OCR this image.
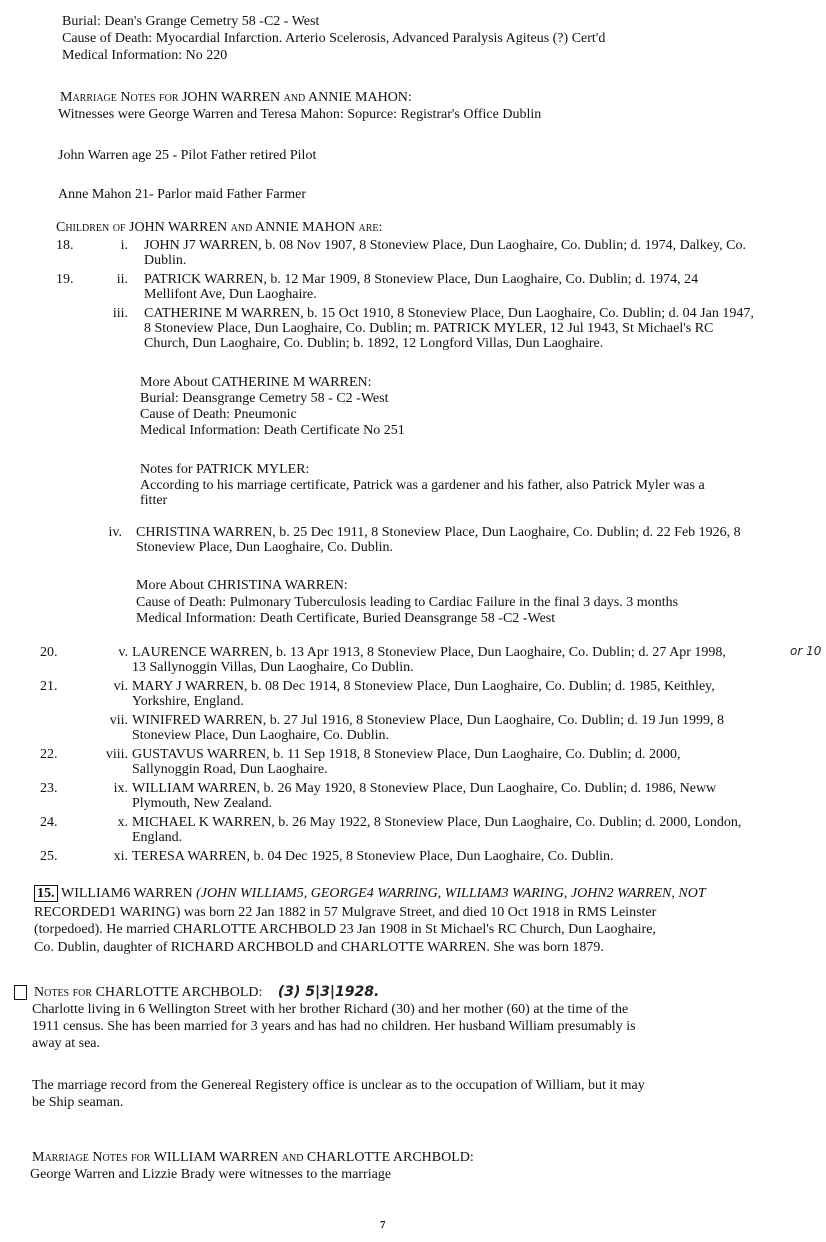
Burial: Dean's Grange Cemetry 58 -C2 - West
Cause of Death: Myocardial Infarction. Arterio Scelerosis, Advanced Paralysis Agiteus (?) Cert'd
Medical Information: No 220
Marriage Notes for JOHN WARREN and ANNIE MAHON:
Witnesses were George Warren and Teresa Mahon: Sopurce: Registrar's Office Dublin
John Warren age 25 - Pilot Father retired Pilot
Anne Mahon 21- Parlor maid Father Farmer
Children of JOHN WARREN and ANNIE MAHON are:
18.	i. JOHN J7 WARREN, b. 08 Nov 1907, 8 Stoneview Place, Dun Laoghaire, Co. Dublin; d. 1974, Dalkey, Co. Dublin.
19.	ii. PATRICK WARREN, b. 12 Mar 1909, 8 Stoneview Place, Dun Laoghaire, Co. Dublin; d. 1974, 24 Mellifont Ave, Dun Laoghaire.
iii. CATHERINE M WARREN, b. 15 Oct 1910, 8 Stoneview Place, Dun Laoghaire, Co. Dublin; d. 04 Jan 1947, 8 Stoneview Place, Dun Laoghaire, Co. Dublin; m. PATRICK MYLER, 12 Jul 1943, St Michael's RC Church, Dun Laoghaire, Co. Dublin; b. 1892, 12 Longford Villas, Dun Laoghaire.
iv. CHRISTINA WARREN, b. 25 Dec 1911, 8 Stoneview Place, Dun Laoghaire, Co. Dublin; d. 22 Feb 1926, 8 Stoneview Place, Dun Laoghaire, Co. Dublin.
20.	v. LAURENCE WARREN, b. 13 Apr 1913, 8 Stoneview Place, Dun Laoghaire, Co. Dublin; d. 27 Apr 1998, 13 Sallynoggin Villas, Dun Laoghaire, Co Dublin.
21.	vi. MARY J WARREN, b. 08 Dec 1914, 8 Stoneview Place, Dun Laoghaire, Co. Dublin; d. 1985, Keithley, Yorkshire, England.
vii. WINIFRED WARREN, b. 27 Jul 1916, 8 Stoneview Place, Dun Laoghaire, Co. Dublin; d. 19 Jun 1999, 8 Stoneview Place, Dun Laoghaire, Co. Dublin.
22.	viii. GUSTAVUS WARREN, b. 11 Sep 1918, 8 Stoneview Place, Dun Laoghaire, Co. Dublin; d. 2000, Sallynoggin Road, Dun Laoghaire.
23.	ix. WILLIAM WARREN, b. 26 May 1920, 8 Stoneview Place, Dun Laoghaire, Co. Dublin; d. 1986, Neww Plymouth, New Zealand.
24.	x. MICHAEL K WARREN, b. 26 May 1922, 8 Stoneview Place, Dun Laoghaire, Co. Dublin; d. 2000, London, England.
25.	xi. TERESA WARREN, b. 04 Dec 1925, 8 Stoneview Place, Dun Laoghaire, Co. Dublin.
More About CATHERINE M WARREN:
Burial: Deansgrange Cemetry 58 - C2 -West
Cause of Death: Pneumonic
Medical Information: Death Certificate No 251
Notes for PATRICK MYLER:
According to his marriage certificate, Patrick was a gardener and his father, also Patrick Myler was a fitter
More About CHRISTINA WARREN:
Cause of Death: Pulmonary Tuberculosis leading to Cardiac Failure in the final 3 days. 3 months
Medical Information: Death Certificate, Buried Deansgrange 58 -C2 -West
or 10
15. WILLIAM6 WARREN (JOHN WILLIAM5, GEORGE4 WARRING, WILLIAM3 WARING, JOHN2 WARREN, NOT
RECORDED1 WARING) was born 22 Jan 1882 in 57 Mulgrave Street, and died 10 Oct 1918 in RMS Leinster
(torpedoed). He married CHARLOTTE ARCHBOLD 23 Jan 1908 in St Michael's RC Church, Dun Laoghaire,
Co. Dublin, daughter of RICHARD ARCHBOLD and CHARLOTTE WARREN. She was born 1879.
Notes for CHARLOTTE ARCHBOLD: (3) 5|3|1928.
Charlotte living in 6 Wellington Street with her brother Richard (30) and her mother (60) at the time of the
1911 census. She has been married for 3 years and has had no children. Her husband William presumably is
away at sea.
The marriage record from the Genereal Registery office is unclear as to the occupation of William, but it may
be Ship seaman.
Marriage Notes for WILLIAM WARREN and CHARLOTTE ARCHBOLD:
George Warren and Lizzie Brady were witnesses to the marriage
7
